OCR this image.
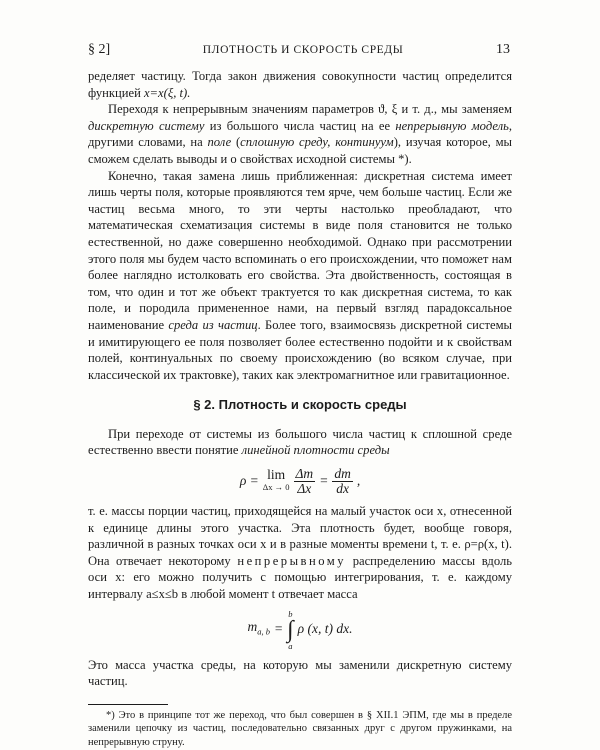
§ 2]	ПЛОТНОСТЬ И СКОРОСТЬ СРЕДЫ	13

ределяет частицу. Тогда закон движения совокупности частиц определится функцией x=x(ξ, t).

Переходя к непрерывным значениям параметров ϑ, ξ и т. д., мы заменяем дискретную систему из большого числа частиц на ее непрерывную модель, другими словами, на поле (сплошную среду, континуум), изучая которое, мы сможем сделать выводы и о свойствах исходной системы *).

Конечно, такая замена лишь приближенная: дискретная система имеет лишь черты поля, которые проявляются тем ярче, чем больше частиц. Если же частиц весьма много, то эти черты настолько преобладают, что математическая схематизация системы в виде поля становится не только естественной, но даже совершенно необходимой. Однако при рассмотрении этого поля мы будем часто вспоминать о его происхождении, что поможет нам более наглядно истолковать его свойства. Эта двойственность, состоящая в том, что один и тот же объект трактуется то как дискретная система, то как поле, и породила примененное нами, на первый взгляд парадоксальное наименование среда из частиц. Более того, взаимосвязь дискретной системы и имитирующего ее поля позволяет более естественно подойти и к свойствам полей, континуальных по своему происхождению (во всяком случае, при классической их трактовке), таких как электромагнитное или гравитационное.

§ 2. Плотность и скорость среды

При переходе от системы из большого числа частиц к сплошной среде естественно ввести понятие линейной плотности среды

ρ = lim
$\Delta x \to 0 \frac{\Delta m}{\Delta x} = \frac{dm}{dx}$ ,

т. е. массы порции частиц, приходящейся на малый участок оси x, отнесенной к единице длины этого участка. Эта плотность будет, вообще говоря, различной в разных точках оси x и в разные моменты времени t, т. е. ρ=ρ(x, t). Она отвечает некоторому непрерывному распределению массы вдоль оси x: его можно получить с помощью интегрирования, т. е. каждому интервалу a≤x≤b в любой момент t отвечает масса

$m_{a, b}$ =
b
∫
a
ρ (x, t) dx.

Это масса участка среды, на которую мы заменили дискретную систему частиц.

*) Это в принципе тот же переход, что был совершен в § XII.1 ЭПМ, где мы в пределе заменили цепочку из частиц, последовательно связанных друг с другом пружинками, на непрерывную струну.
